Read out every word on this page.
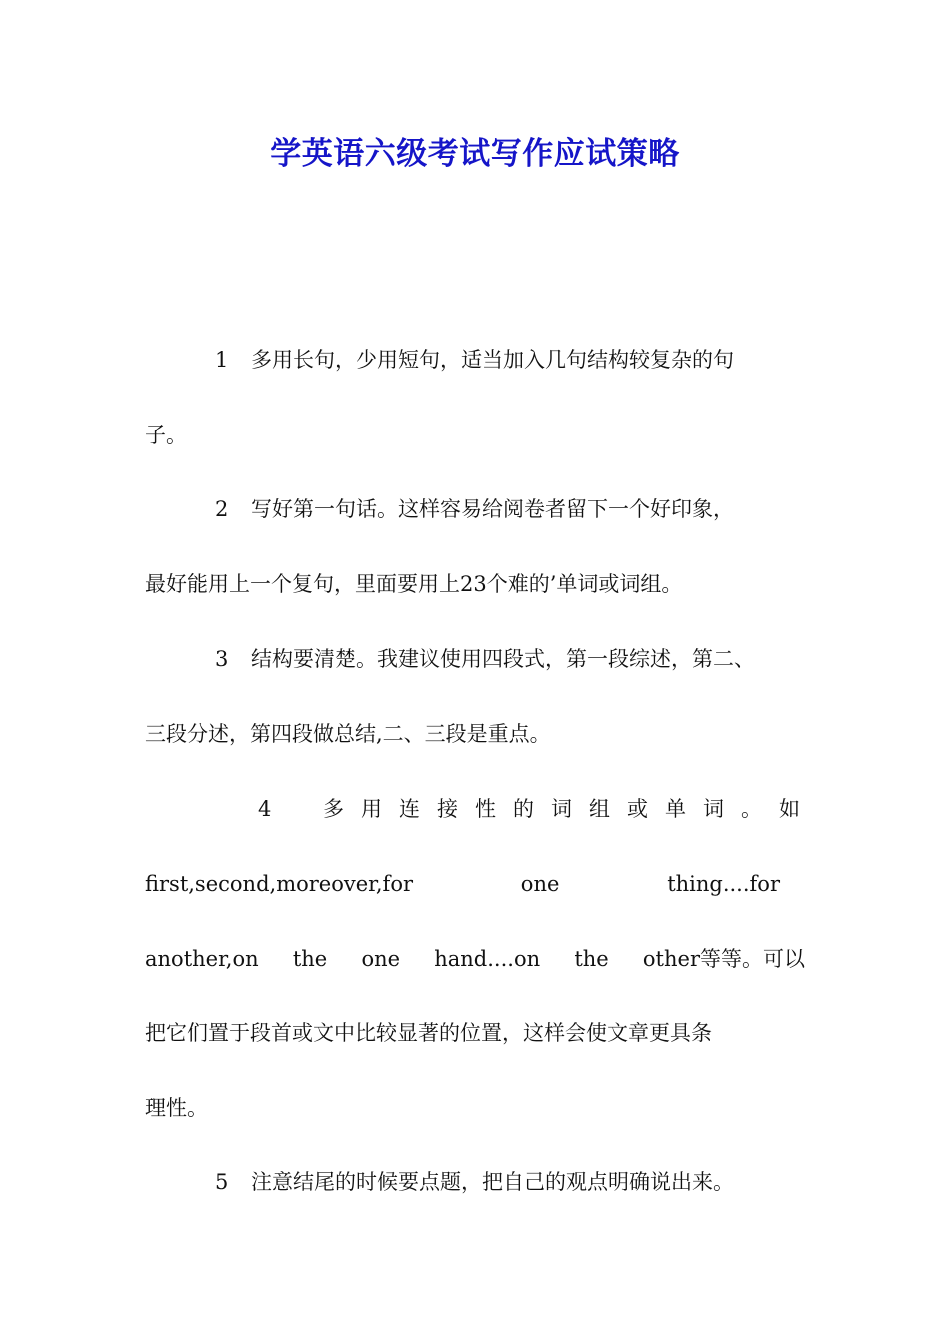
学英语六级考试写作应试策略
1 多用长句，少用短句，适当加入几句结构较复杂的句
子。
2 写好第一句话。这样容易给阅卷者留下一个好印象，
最好能用上一个复句，里面要用上23个难的’单词或词组。
3 结构要清楚。我建议使用四段式，第一段综述，第二、
三段分述，第四段做总结,二、三段是重点。
4 多用连接性的词组或单词。如
first,second,moreover,for	one	thing....for
another,on the one hand....on the other等等。可以
把它们置于段首或文中比较显著的位置，这样会使文章更具条
理性。
5 注意结尾的时候要点题，把自己的观点明确说出来。
